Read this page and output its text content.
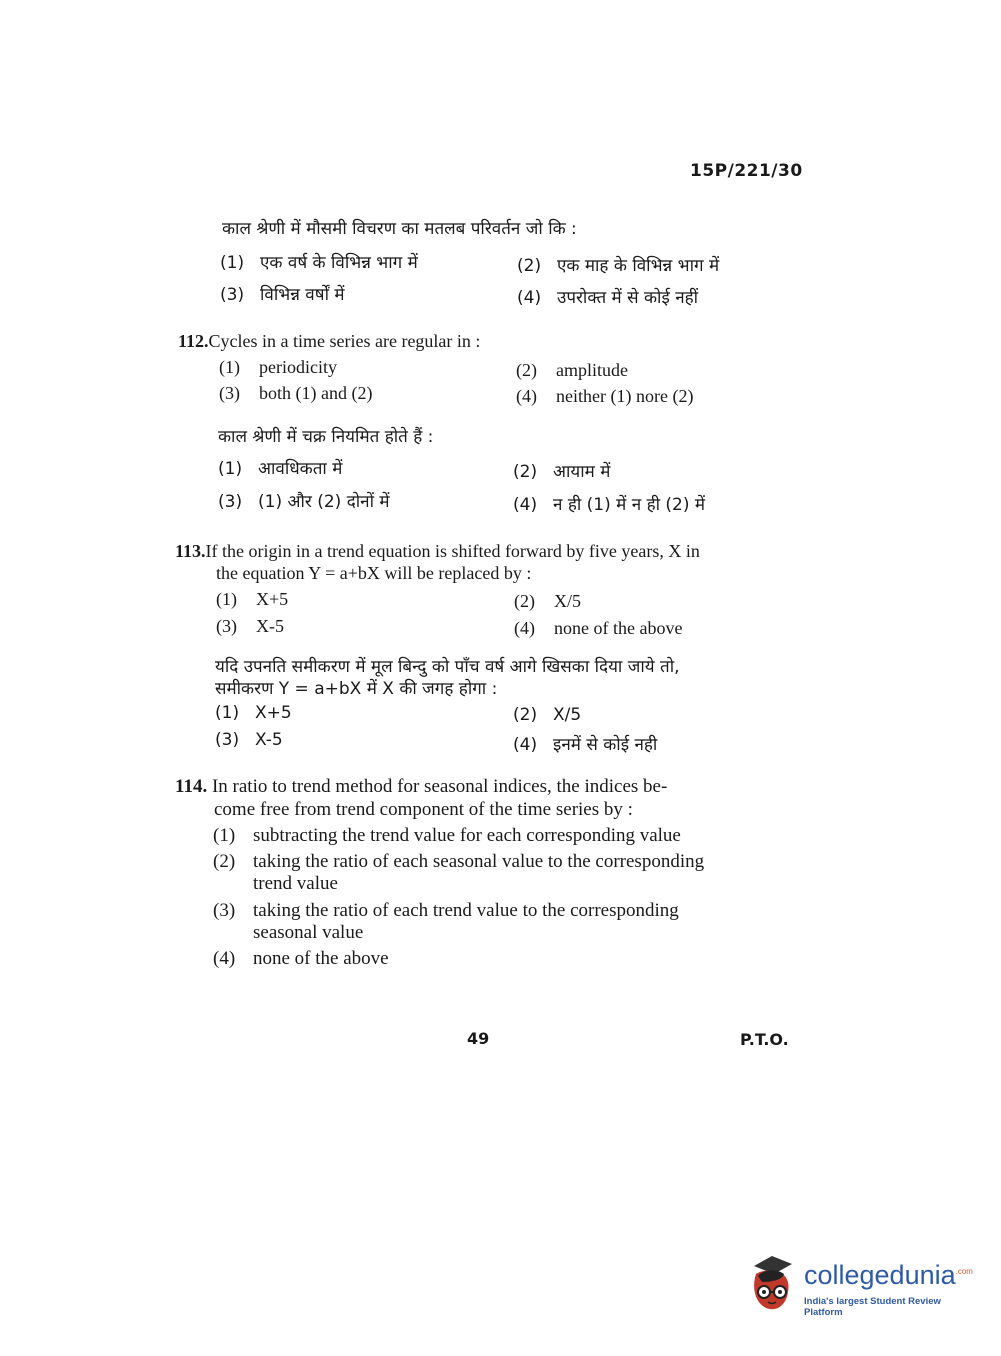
15P/221/30
काल श्रेणी में मौसमी विचरण का मतलब परिवर्तन जो कि :
(1) एक वर्ष के विभिन्न भाग में	(2) एक माह के विभिन्न भाग में
(3) विभिन्न वर्षों में	(4) उपरोक्त में से कोई नहीं
112.Cycles in a time series are regular in :
(1) periodicity	(2) amplitude
(3) both (1) and (2)	(4) neither (1) nore (2)
काल श्रेणी में चक्र नियमित होते हैं :
(1) आवधिकता में	(2) आयाम में
(3) (1) और (2) दोनों में	(4) न ही (1) में न ही (2) में
113.If the origin in a trend equation is shifted forward by five years, X in
the equation Y = a+bX will be replaced by :
(1) X+5	(2) X/5
(3) X-5	(4) none of the above
यदि उपनति समीकरण में मूल बिन्दु को पाँच वर्ष आगे खिसका दिया जाये तो,
समीकरण Y = a+bX में X की जगह होगा :
(1) X+5	(2) X/5
(3) X-5	(4) इनमें से कोई नही
114. In ratio to trend method for seasonal indices, the indices be-
come free from trend component of the time series by :
(1) subtracting the trend value for each corresponding value
(2) taking the ratio of each seasonal value to the corresponding
trend value
(3) taking the ratio of each trend value to the corresponding
seasonal value
(4) none of the above
49	P.T.O.
collegedunia$^{.com}$
India's largest Student Review Platform
